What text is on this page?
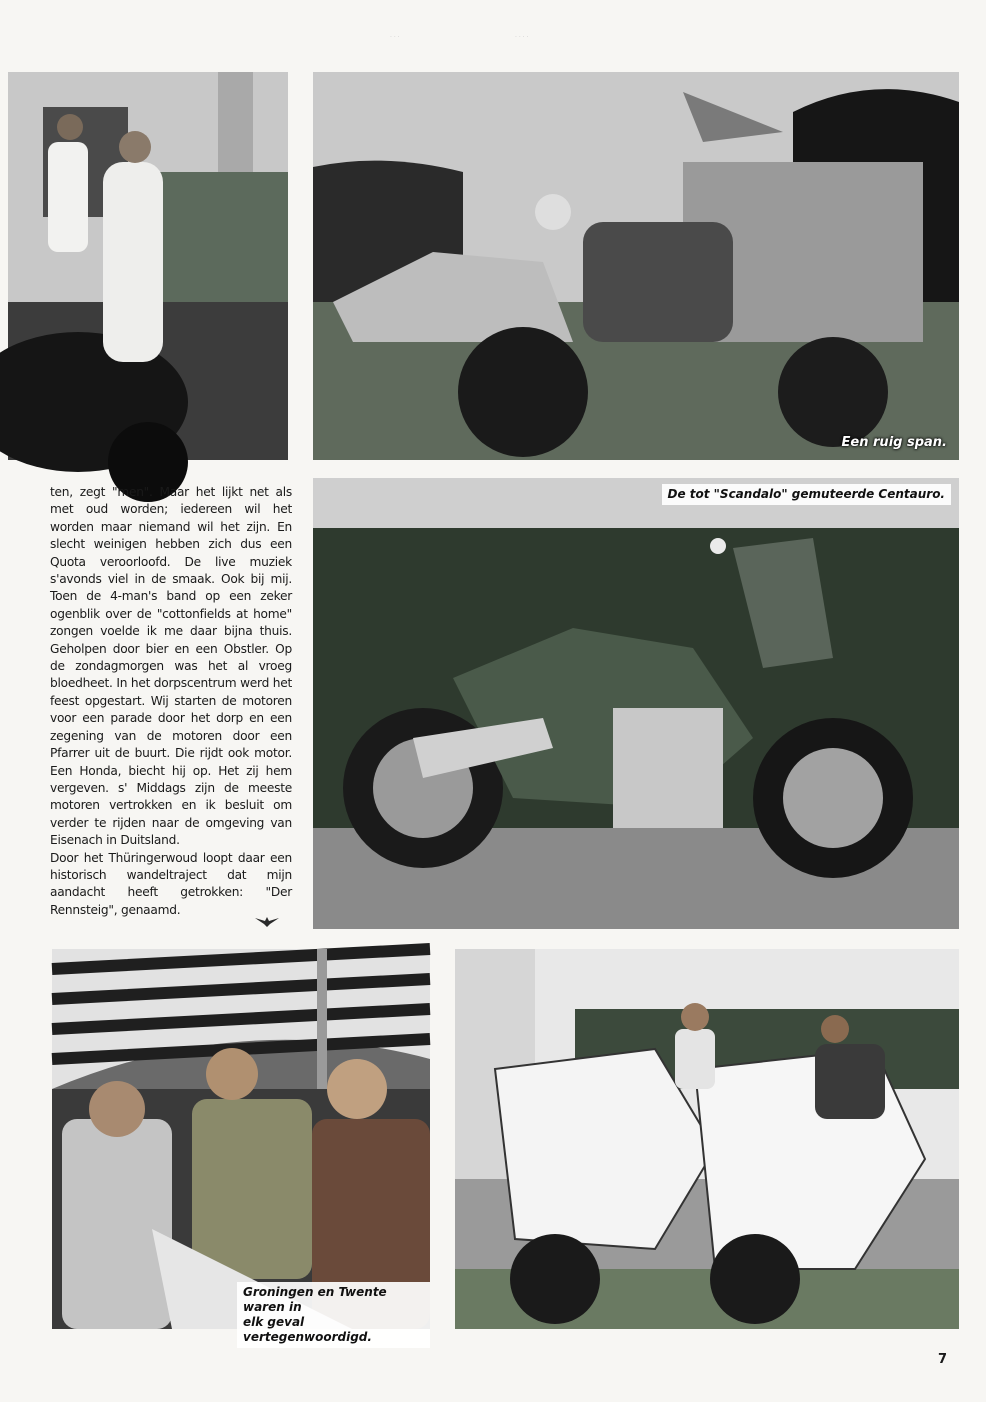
· · ·	· · · ·
Een ruig span.

ten, zegt "men". Maar het lijkt net als met oud worden; iedereen wil het worden maar niemand wil het zijn. En slecht weinigen hebben zich dus een Quota veroorloofd. De live muziek s'avonds viel in de smaak. Ook bij mij. Toen de 4-man's band op een zeker ogenblik over de "cottonfields at home" zongen voelde ik me daar bijna thuis. Geholpen door bier en een Obstler. Op de zondagmorgen was het al vroeg bloedheet. In het dorpscentrum werd het feest opgestart. Wij starten de motoren voor een parade door het dorp en een zegening van de motoren door een Pfarrer uit de buurt. Die rijdt ook motor. Een Honda, biecht hij op. Het zij hem vergeven. s' Middags zijn de meeste motoren vertrokken en ik besluit om verder te rijden naar de omgeving van Eisenach in Duitsland.

Door het Thüringerwoud loopt daar een historisch wandeltraject dat mijn aandacht heeft getrokken: "Der Rennsteig", genaamd.

De tot "Scandalo" gemuteerde Centauro.
Groningen en Twente waren in
elk geval vertegenwoordigd.
7
